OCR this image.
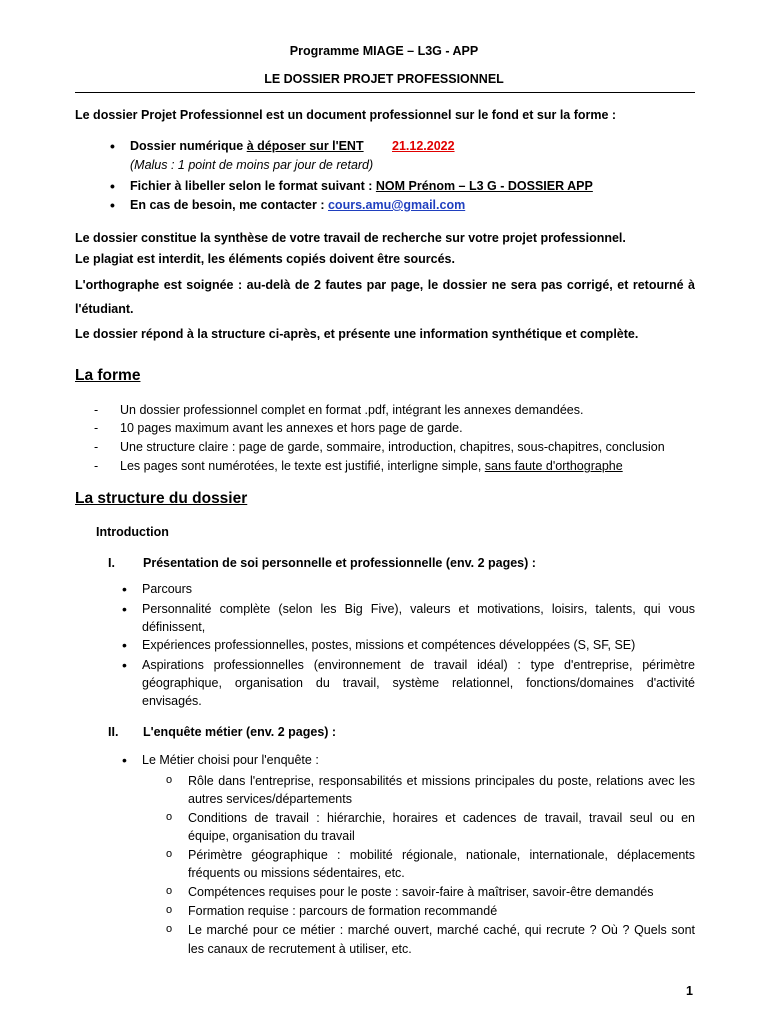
Programme MIAGE – L3G - APP
LE DOSSIER PROJET PROFESSIONNEL
Le dossier Projet Professionnel est un document professionnel sur le fond et sur la forme :
• Dossier numérique à déposer sur l'ENT 21.12.2022
(Malus : 1 point de moins par jour de retard)
• Fichier à libeller selon le format suivant : NOM Prénom – L3 G - DOSSIER APP
• En cas de besoin, me contacter : cours.amu@gmail.com
Le dossier constitue la synthèse de votre travail de recherche sur votre projet professionnel.
Le plagiat est interdit, les éléments copiés doivent être sourcés.
L'orthographe est soignée : au-delà de 2 fautes par page, le dossier ne sera pas corrigé, et retourné à
l'étudiant.
Le dossier répond à la structure ci-après, et présente une information synthétique et complète.
La forme
- Un dossier professionnel complet en format .pdf, intégrant les annexes demandées.
- 10 pages maximum avant les annexes et hors page de garde.
- Une structure claire : page de garde, sommaire, introduction, chapitres, sous-chapitres, conclusion
- Les pages sont numérotées, le texte est justifié, interligne simple, sans faute d'orthographe
La structure du dossier
Introduction
I. Présentation de soi personnelle et professionnelle (env. 2 pages) :
• Parcours
• Personnalité complète (selon les Big Five), valeurs et motivations, loisirs, talents, qui vous
définissent,
• Expériences professionnelles, postes, missions et compétences développées (S, SF, SE)
• Aspirations professionnelles (environnement de travail idéal) : type d'entreprise, périmètre
géographique, organisation du travail, système relationnel, fonctions/domaines d'activité
envisagés.
II. L'enquête métier (env. 2 pages) :
• Le Métier choisi pour l'enquête :
o Rôle dans l'entreprise, responsabilités et missions principales du poste, relations avec les
autres services/départements
o Conditions de travail : hiérarchie, horaires et cadences de travail, travail seul ou en
équipe, organisation du travail
o Périmètre géographique : mobilité régionale, nationale, internationale, déplacements
fréquents ou missions sédentaires, etc.
o Compétences requises pour le poste : savoir-faire à maîtriser, savoir-être demandés
o Formation requise : parcours de formation recommandé
o Le marché pour ce métier : marché ouvert, marché caché, qui recrute ? Où ? Quels sont
les canaux de recrutement à utiliser, etc.
1
